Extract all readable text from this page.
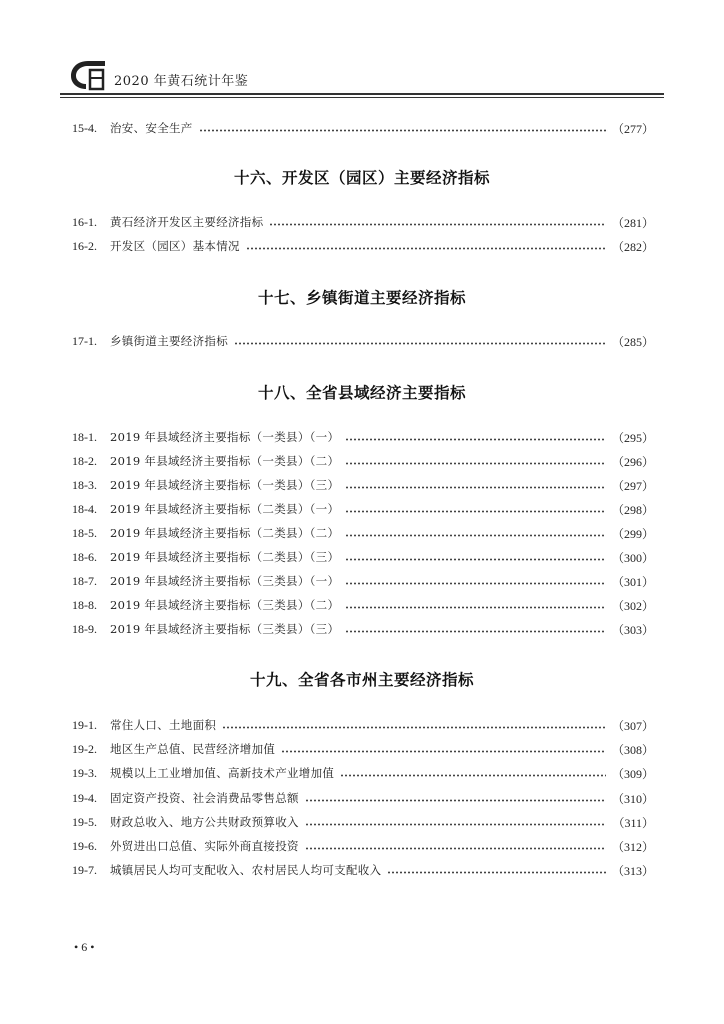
2020 年黄石统计年鉴
15-4.	治安、安全生产	（277）
十六、开发区（园区）主要经济指标
16-1.	黄石经济开发区主要经济指标	（281）
16-2.	开发区（园区）基本情况	（282）
十七、乡镇街道主要经济指标
17-1.	乡镇街道主要经济指标	（285）
十八、全省县域经济主要指标
18-1.	2019 年县域经济主要指标（一类县）（一）	（295）
18-2.	2019 年县域经济主要指标（一类县）（二）	（296）
18-3.	2019 年县域经济主要指标（一类县）（三）	（297）
18-4.	2019 年县域经济主要指标（二类县）（一）	（298）
18-5.	2019 年县域经济主要指标（二类县）（二）	（299）
18-6.	2019 年县域经济主要指标（二类县）（三）	（300）
18-7.	2019 年县域经济主要指标（三类县）（一）	（301）
18-8.	2019 年县域经济主要指标（三类县）（二）	（302）
18-9.	2019 年县域经济主要指标（三类县）（三）	（303）
十九、全省各市州主要经济指标
19-1.	常住人口、土地面积	（307）
19-2.	地区生产总值、民营经济增加值	（308）
19-3.	规模以上工业增加值、高新技术产业增加值	（309）
19-4.	固定资产投资、社会消费品零售总额	（310）
19-5.	财政总收入、地方公共财政预算收入	（311）
19-6.	外贸进出口总值、实际外商直接投资	（312）
19-7.	城镇居民人均可支配收入、农村居民人均可支配收入	（313）
• 6 •
